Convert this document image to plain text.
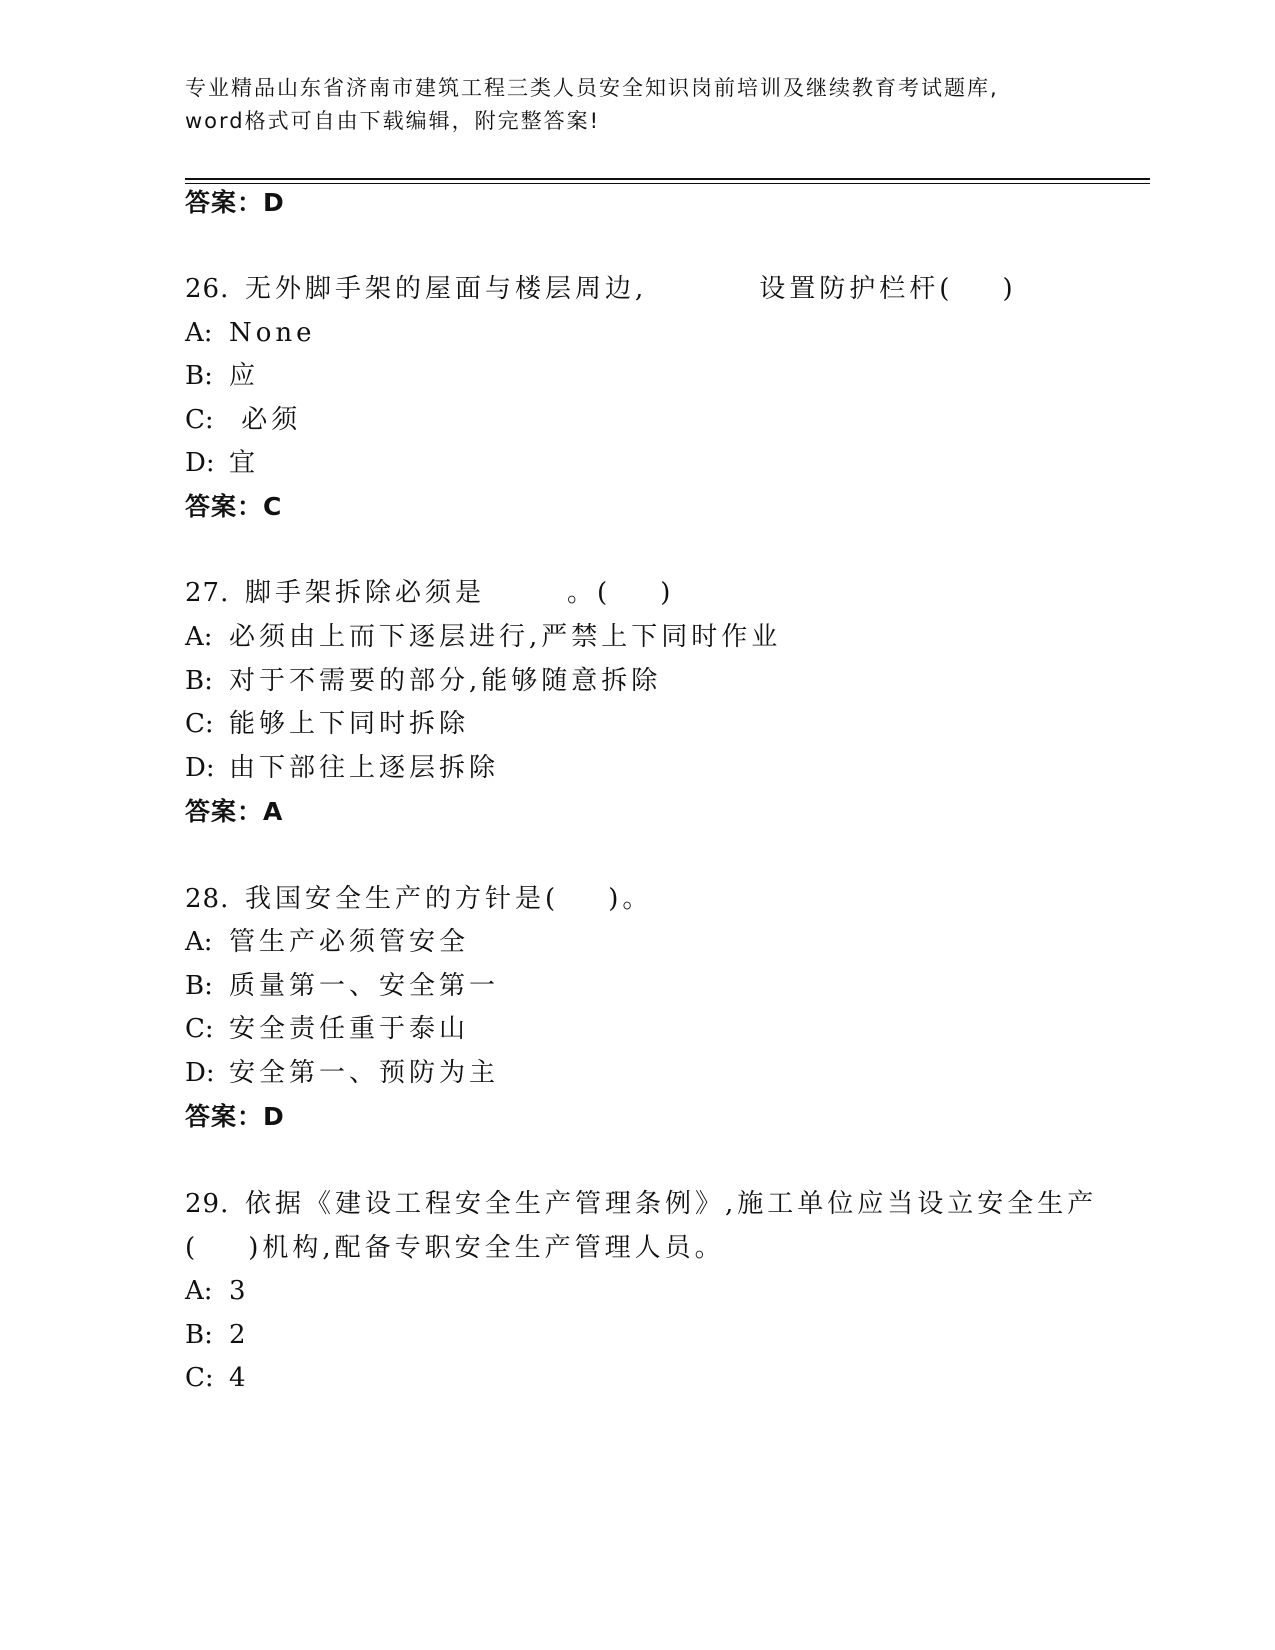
专业精品山东省济南市建筑工程三类人员安全知识岗前培训及继续教育考试题库,
word格式可自由下载编辑，附完整答案!
答案：D
26. 无外脚手架的屋面与楼层周边,	设置防护栏杆(    )
A: None
B: 应
C: 必须
D: 宜
答案：C
27. 脚手架拆除必须是	。(    )
A: 必须由上而下逐层进行,严禁上下同时作业
B: 对于不需要的部分,能够随意拆除
C: 能够上下同时拆除
D: 由下部往上逐层拆除
答案：A
28. 我国安全生产的方针是(    )。
A: 管生产必须管安全
B: 质量第一、安全第一
C: 安全责任重于泰山
D: 安全第一、预防为主
答案：D
29. 依据《建设工程安全生产管理条例》,施工单位应当设立安全生产
(    )机构,配备专职安全生产管理人员。
A: 3
B: 2
C: 4
